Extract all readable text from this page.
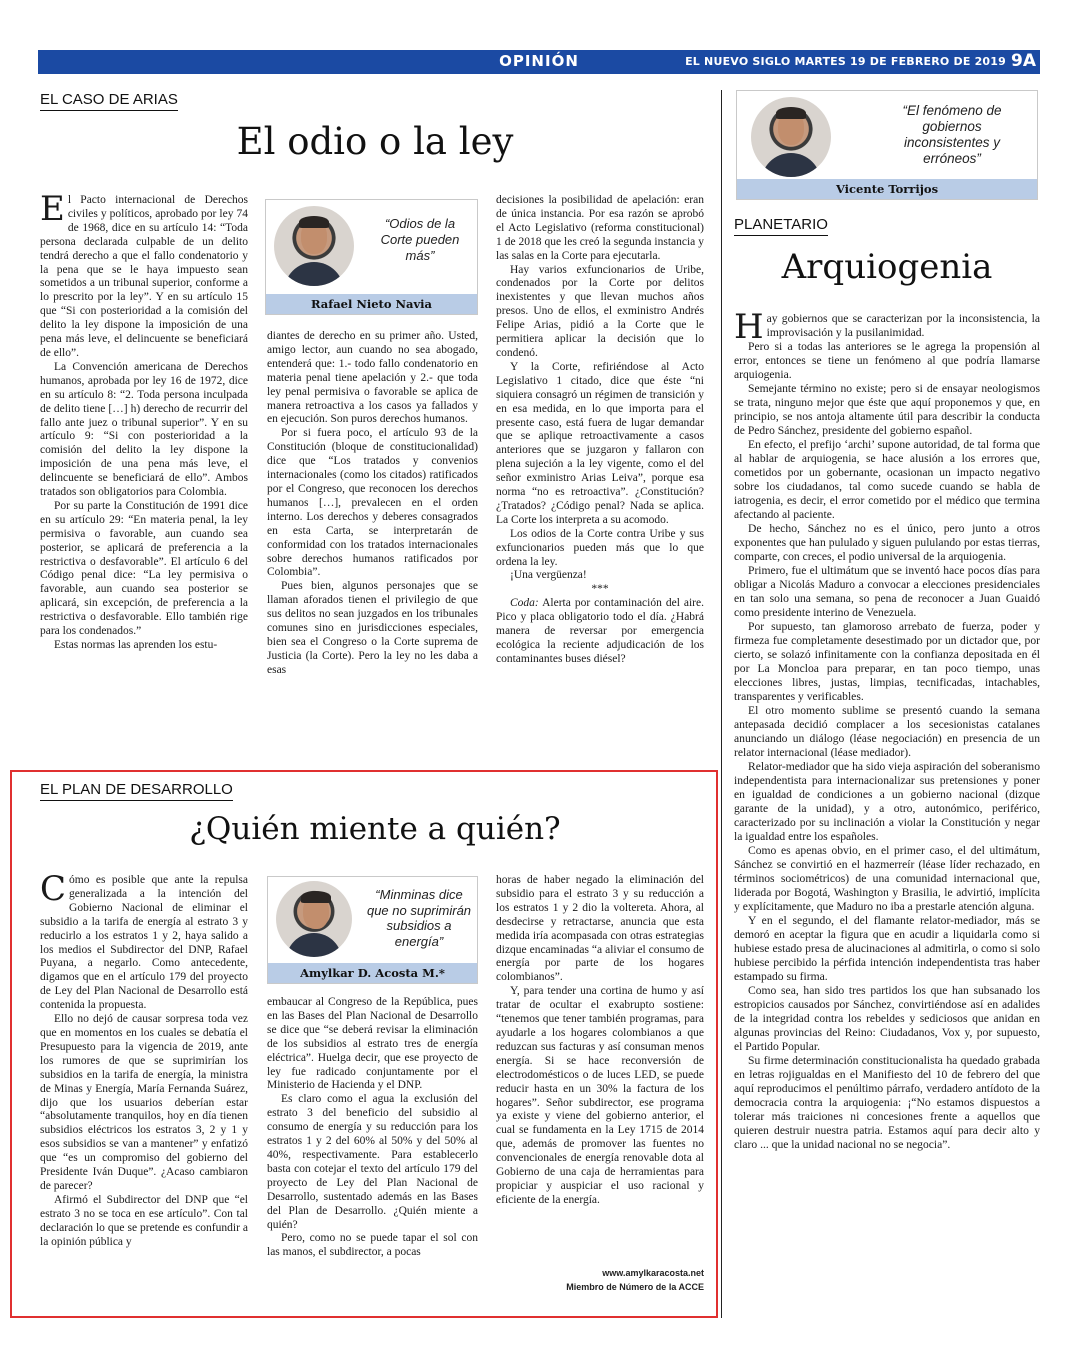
OPINIÓN	EL NUEVO SIGLO MARTES 19 DE FEBRERO DE 2019 9A
EL CASO DE ARIAS
El odio o la ley

El Pacto internacional de Derechos civiles y políticos, aprobado por ley 74 de 1968, dice en su artículo 14: “Toda persona declarada culpable de un delito tendrá derecho a que el fallo condenatorio y la pena que se le haya impuesto sean sometidos a un tribunal superior, conforme a lo prescrito por la ley”. Y en su artículo 15 que “Si con posterioridad a la comisión del delito la ley dispone la imposición de una pena más leve, el delincuente se beneficiará de ello”.

La Convención americana de Derechos humanos, aprobada por ley 16 de 1972, dice en su artículo 8: “2. Toda persona inculpada de delito tiene […] h) derecho de recurrir del fallo ante juez o tribunal superior”. Y en su artículo 9: “Si con posterioridad a la comisión del delito la ley dispone la imposición de una pena más leve, el delincuente se beneficiará de ello”. Ambos tratados son obligatorios para Colombia.

Por su parte la Constitución de 1991 dice en su artículo 29: “En materia penal, la ley permisiva o favorable, aun cuando sea posterior, se aplicará de preferencia a la restrictiva o desfavorable”. El artículo 6 del Código penal dice: “La ley permisiva o favorable, aun cuando sea posterior se aplicará, sin excepción, de preferencia a la restrictiva o desfavorable. Ello también rige para los condenados.”

Estas normas las aprenden los estu-

“Odios de la Corte pueden más”
Rafael Nieto Navia

diantes de derecho en su primer año. Usted, amigo lector, aun cuando no sea abogado, entenderá que: 1.- todo fallo condenatorio en materia penal tiene apelación y 2.- que toda ley penal permisiva o favorable se aplica de manera retroactiva a los casos ya fallados y en ejecución. Son puros derechos humanos.

Por si fuera poco, el artículo 93 de la Constitución (bloque de constitucionalidad) dice que “Los tratados y convenios internacionales (como los citados) ratificados por el Congreso, que reconocen los derechos humanos […], prevalecen en el orden interno. Los derechos y deberes consagrados en esta Carta, se interpretarán de conformidad con los tratados internacionales sobre derechos humanos ratificados por Colombia”.

Pues bien, algunos personajes que se llaman aforados tienen el privilegio de que sus delitos no sean juzgados en los tribunales comunes sino en jurisdicciones especiales, bien sea el Congreso o la Corte suprema de Justicia (la Corte). Pero la ley no les daba a esas

decisiones la posibilidad de apelación: eran de única instancia. Por esa razón se aprobó el Acto Legislativo (reforma constitucional) 1 de 2018 que les creó la segunda instancia y las salas en la Corte para ejecutarla.

Hay varios exfuncionarios de Uribe, condenados por la Corte por delitos inexistentes y que llevan muchos años presos. Uno de ellos, el exministro Andrés Felipe Arias, pidió a la Corte que le permitiera aplicar la decisión que lo condenó.

Y la Corte, refiriéndose al Acto Legislativo 1 citado, dice que éste “ni siquiera consagró un régimen de transición y en esa medida, en lo que importa para el presente caso, está fuera de lugar demandar que se aplique retroactivamente a casos anteriores que se juzgaron y fallaron con plena sujeción a la ley vigente, como el del señor exministro Arias Leiva”, porque esa norma “no es retroactiva”. ¿Constitución? ¿Tratados? ¿Código penal? Nada se aplica. La Corte los interpreta a su acomodo.

Los odios de la Corte contra Uribe y sus exfuncionarios pueden más que lo que ordena la ley.

¡Una vergüenza!

***

Coda: Alerta por contaminación del aire. Pico y placa obligatorio todo el día. ¿Habrá manera de reversar por emergencia ecológica la reciente adjudicación de los contaminantes buses diésel?

EL PLAN DE DESARROLLO
¿Quién miente a quién?

Cómo es posible que ante la repulsa generalizada a la intención del Gobierno Nacional de eliminar el subsidio a la tarifa de energía al estrato 3 y reducirlo a los estratos 1 y 2, haya salido a los medios el Subdirector del DNP, Rafael Puyana, a negarlo. Como antecedente, digamos que en el artículo 179 del proyecto de Ley del Plan Nacional de Desarrollo está contenida la propuesta.

Ello no dejó de causar sorpresa toda vez que en momentos en los cuales se debatía el Presupuesto para la vigencia de 2019, ante los rumores de que se suprimirían los subsidios en la tarifa de energía, la ministra de Minas y Energía, María Fernanda Suárez, dijo que los usuarios deberían estar “absolutamente tranquilos, hoy en día tienen subsidios eléctricos los estratos 3, 2 y 1 y esos subsidios se van a mantener” y enfatizó que “es un compromiso del gobierno del Presidente Iván Duque”. ¿Acaso cambiaron de parecer?

Afirmó el Subdirector del DNP que “el estrato 3 no se toca en ese artículo”. Con tal declaración lo que se pretende es confundir a la opinión pública y

“Minminas dice que no suprimirán subsidios a energía”
Amylkar D. Acosta M.*

embaucar al Congreso de la República, pues en las Bases del Plan Nacional de Desarrollo se dice que “se deberá revisar la eliminación de los subsidios al estrato tres de energía eléctrica”. Huelga decir, que ese proyecto de ley fue radicado conjuntamente por el Ministerio de Hacienda y el DNP.

Es claro como el agua la exclusión del estrato 3 del beneficio del subsidio al consumo de energía y su reducción para los estratos 1 y 2 del 60% al 50% y del 50% al 40%, respectivamente. Para establecerlo basta con cotejar el texto del artículo 179 del proyecto de Ley del Plan Nacional de Desarrollo, sustentado además en las Bases del Plan de Desarrollo. ¿Quién miente a quién?

Pero, como no se puede tapar el sol con las manos, el subdirector, a pocas

horas de haber negado la eliminación del subsidio para el estrato 3 y su reducción a los estratos 1 y 2 dio la voltereta. Ahora, al desdecirse y retractarse, anuncia que esta medida iría acompasada con otras estrategias dizque encaminadas “a aliviar el consumo de energía por parte de los hogares colombianos”.

Y, para tender una cortina de humo y así tratar de ocultar el exabrupto sostiene: “tenemos que tener también programas, para ayudarle a los hogares colombianos a que reduzcan sus facturas y así consuman menos energía. Si se hace reconversión de electrodomésticos o de luces LED, se puede reducir hasta en un 30% la factura de los hogares”. Señor subdirector, ese programa ya existe y viene del gobierno anterior, el cual se fundamenta en la Ley 1715 de 2014 que, además de promover las fuentes no convencionales de energía renovable dota al Gobierno de una caja de herramientas para propiciar y auspiciar el uso racional y eficiente de la energía.

www.amylkaracosta.net
Miembro de Número de la ACCE
“El fenómeno de gobiernos inconsistentes y erróneos”
Vicente Torrijos
PLANETARIO
Arquiogenia

Hay gobiernos que se caracterizan por la inconsistencia, la improvisación y la pusilanimidad.

Pero si a todas las anteriores se le agrega la propensión al error, entonces se tiene un fenómeno al que podría llamarse arquiogenia.

Semejante término no existe; pero si de ensayar neologismos se trata, ninguno mejor que éste que aquí proponemos y que, en principio, se nos antoja altamente útil para describir la conducta de Pedro Sánchez, presidente del gobierno español.

En efecto, el prefijo ‘archi’ supone autoridad, de tal forma que al hablar de arquiogenia, se hace alusión a los errores que, cometidos por un gobernante, ocasionan un impacto negativo sobre los ciudadanos, tal como sucede cuando se habla de iatrogenia, es decir, el error cometido por el médico que termina afectando al paciente.

De hecho, Sánchez no es el único, pero junto a otros exponentes que han pululado y siguen pululando por estas tierras, comparte, con creces, el podio universal de la arquiogenia.

Primero, fue el ultimátum que se inventó hace pocos días para obligar a Nicolás Maduro a convocar a elecciones presidenciales en tan solo una semana, so pena de reconocer a Juan Guaidó como presidente interino de Venezuela.

Por supuesto, tan glamoroso arrebato de fuerza, poder y firmeza fue completamente desestimado por un dictador que, por cierto, se solazó infinitamente con la confianza depositada en él por La Moncloa para preparar, en tan poco tiempo, unas elecciones libres, justas, limpias, tecnificadas, intachables, transparentes y verificables.

El otro momento sublime se presentó cuando la semana antepasada decidió complacer a los secesionistas catalanes anunciando un diálogo (léase negociación) en presencia de un relator internacional (léase mediador).

Relator-mediador que ha sido vieja aspiración del soberanismo independentista para internacionalizar sus pretensiones y poner en igualdad de condiciones a un gobierno nacional (dizque garante de la unidad), y a otro, autonómico, periférico, caracterizado por su inclinación a violar la Constitución y negar la igualdad entre los españoles.

Como es apenas obvio, en el primer caso, el del ultimátum, Sánchez se convirtió en el hazmerreír (léase líder rechazado, en términos sociométricos) de una comunidad internacional que, liderada por Bogotá, Washington y Brasilia, le advirtió, implícita y explícitamente, que Maduro no iba a prestarle atención alguna.

Y en el segundo, el del flamante relator-mediador, más se demoró en aceptar la figura que en acudir a liquidarla como si hubiese estado presa de alucinaciones al admitirla, o como si solo hubiese percibido la pérfida intención independentista tras haber estampado su firma.

Como sea, han sido tres partidos los que han subsanado los estropicios causados por Sánchez, convirtiéndose así en adalides de la integridad contra los rebeldes y sediciosos que anidan en algunas provincias del Reino: Ciudadanos, Vox y, por supuesto, el Partido Popular.

Su firme determinación constitucionalista ha quedado grabada en letras rojigualdas en el Manifiesto del 10 de febrero del que aquí reproducimos el penúltimo párrafo, verdadero antídoto de la democracia contra la arquiogenia: ¡“No estamos dispuestos a tolerar más traiciones ni concesiones frente a aquellos que quieren destruir nuestra patria. Estamos aquí para decir alto y claro ... que la unidad nacional no se negocia”.
